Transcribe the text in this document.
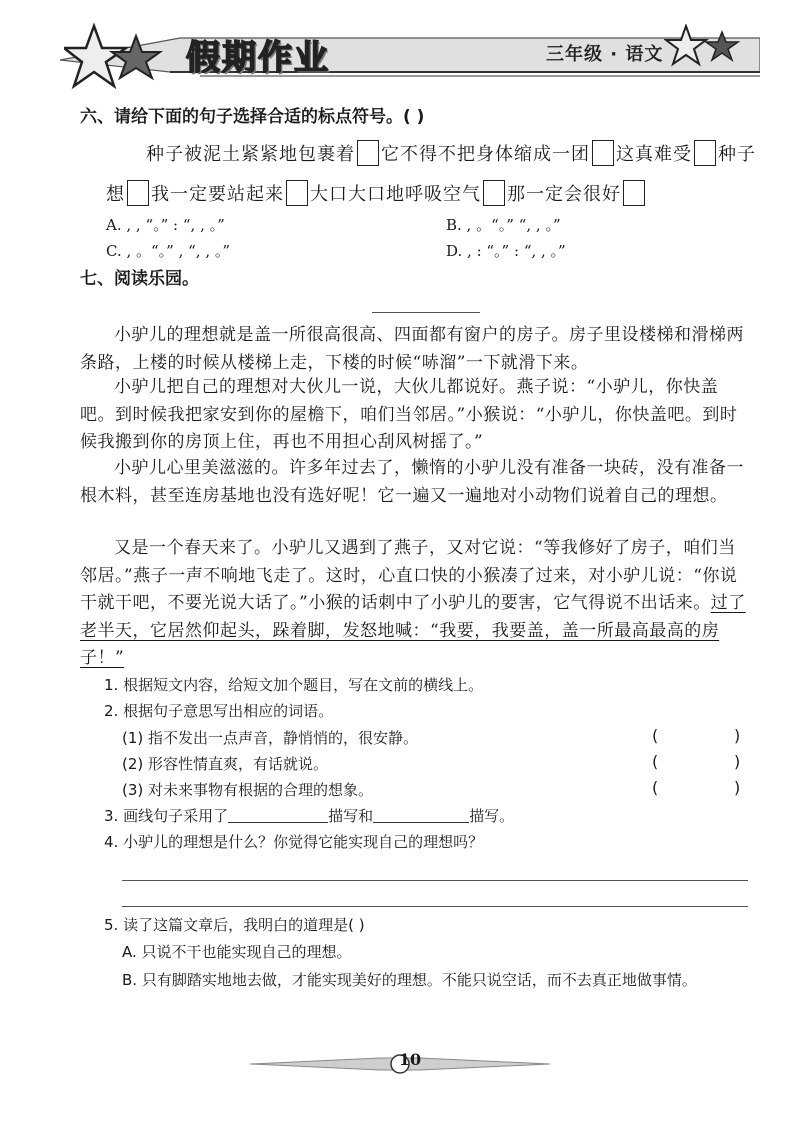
假期作业	三年级 · 语文
六、请给下面的句子选择合适的标点符号。( )
种子被泥土紧紧地包裹着 它不得不把身体缩成一团 这真难受 种子
想 我一定要站起来 大口大口地呼吸空气 那一定会很好
A. , , “。” : “, , 。”	B. , 。“。” “, , 。”
C. , 。“。” , “, , 。”	D. , : “。” : “, , 。”
七、阅读乐园。
小驴儿的理想就是盖一所很高很高、四面都有窗户的房子。房子里设楼梯和滑梯两条路，上楼的时候从楼梯上走，下楼的时候“哧溜”一下就滑下来。
小驴儿把自己的理想对大伙儿一说，大伙儿都说好。燕子说：“小驴儿，你快盖吧。到时候我把家安到你的屋檐下，咱们当邻居。”小猴说：“小驴儿，你快盖吧。到时候我搬到你的房顶上住，再也不用担心刮风树摇了。”
小驴儿心里美滋滋的。许多年过去了，懒惰的小驴儿没有准备一块砖，没有准备一根木料，甚至连房基地也没有选好呢！它一遍又一遍地对小动物们说着自己的理想。
又是一个春天来了。小驴儿又遇到了燕子，又对它说：“等我修好了房子，咱们当邻居。”燕子一声不响地飞走了。这时，心直口快的小猴凑了过来，对小驴儿说：“你说干就干吧，不要光说大话了。”小猴的话刺中了小驴儿的要害，它气得说不出话来。过了老半天，它居然仰起头，跺着脚，发怒地喊：“我要，我要盖，盖一所最高最高的房子！”
1. 根据短文内容，给短文加个题目，写在文前的横线上。
2. 根据句子意思写出相应的词语。
(1) 指不发出一点声音，静悄悄的，很安静。	(	)
(2) 形容性情直爽，有话就说。	(	)
(3) 对未来事物有根据的合理的想象。	(	)
3. 画线句子采用了	描写和	描写。
4. 小驴儿的理想是什么？你觉得它能实现自己的理想吗？
5. 读了这篇文章后，我明白的道理是( )
A. 只说不干也能实现自己的理想。
B. 只有脚踏实地地去做，才能实现美好的理想。不能只说空话，而不去真正地做事情。
10
